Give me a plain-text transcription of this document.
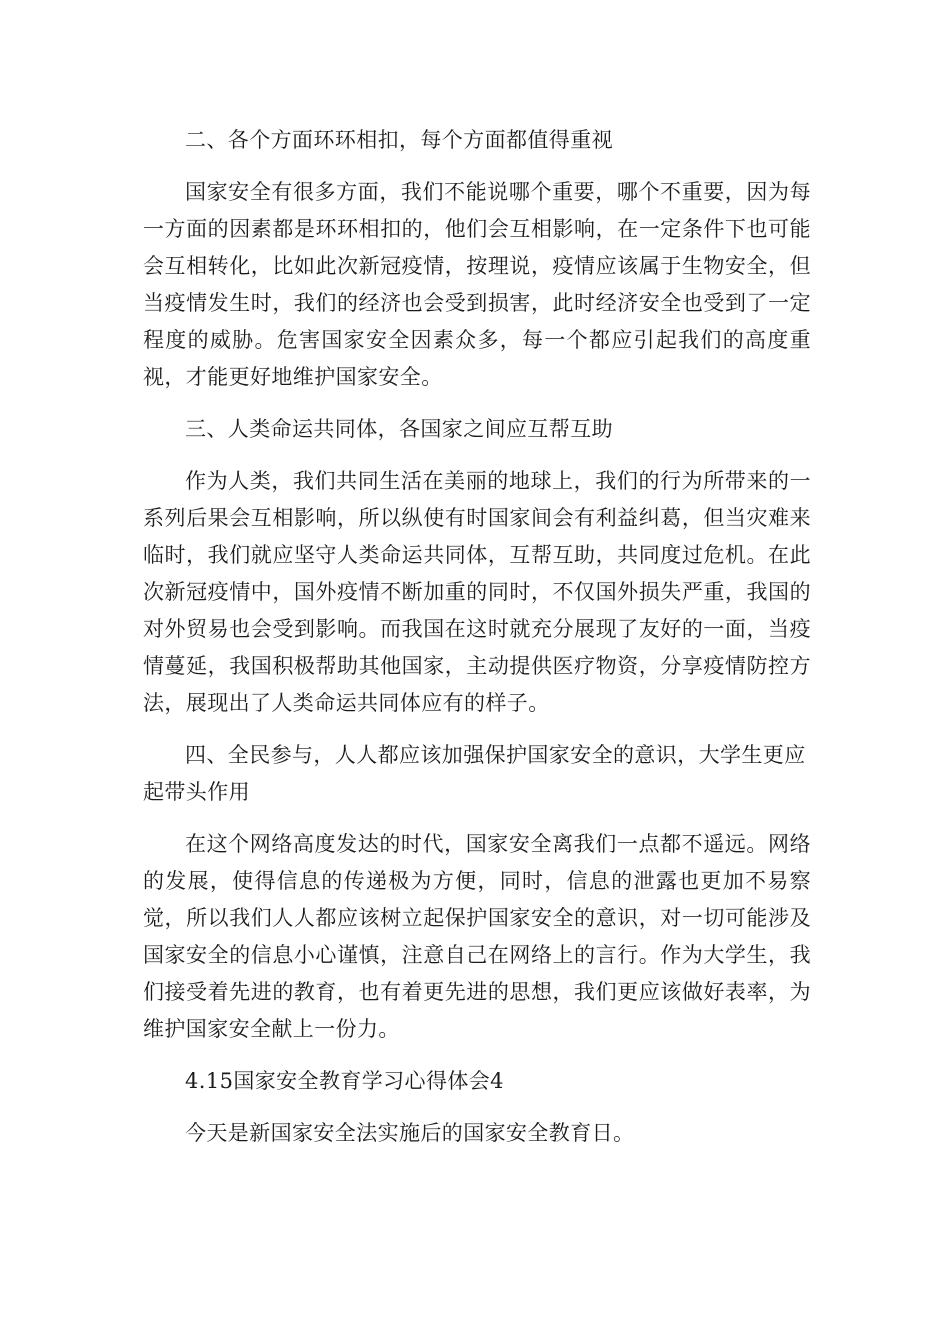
二、各个方面环环相扣，每个方面都值得重视

国家安全有很多方面，我们不能说哪个重要，哪个不重要，因为每一方面的因素都是环环相扣的，他们会互相影响，在一定条件下也可能会互相转化，比如此次新冠疫情，按理说，疫情应该属于生物安全，但当疫情发生时，我们的经济也会受到损害，此时经济安全也受到了一定程度的威胁。危害国家安全因素众多，每一个都应引起我们的高度重视，才能更好地维护国家安全。

三、人类命运共同体，各国家之间应互帮互助

作为人类，我们共同生活在美丽的地球上，我们的行为所带来的一系列后果会互相影响，所以纵使有时国家间会有利益纠葛，但当灾难来临时，我们就应坚守人类命运共同体，互帮互助，共同度过危机。在此次新冠疫情中，国外疫情不断加重的同时，不仅国外损失严重，我国的对外贸易也会受到影响。而我国在这时就充分展现了友好的一面，当疫情蔓延，我国积极帮助其他国家，主动提供医疗物资，分享疫情防控方法，展现出了人类命运共同体应有的样子。

四、全民参与，人人都应该加强保护国家安全的意识，大学生更应起带头作用

在这个网络高度发达的时代，国家安全离我们一点都不遥远。网络的发展，使得信息的传递极为方便，同时，信息的泄露也更加不易察觉，所以我们人人都应该树立起保护国家安全的意识，对一切可能涉及国家安全的信息小心谨慎，注意自己在网络上的言行。作为大学生，我们接受着先进的教育，也有着更先进的思想，我们更应该做好表率，为维护国家安全献上一份力。

4.15国家安全教育学习心得体会4

今天是新国家安全法实施后的国家安全教育日。
